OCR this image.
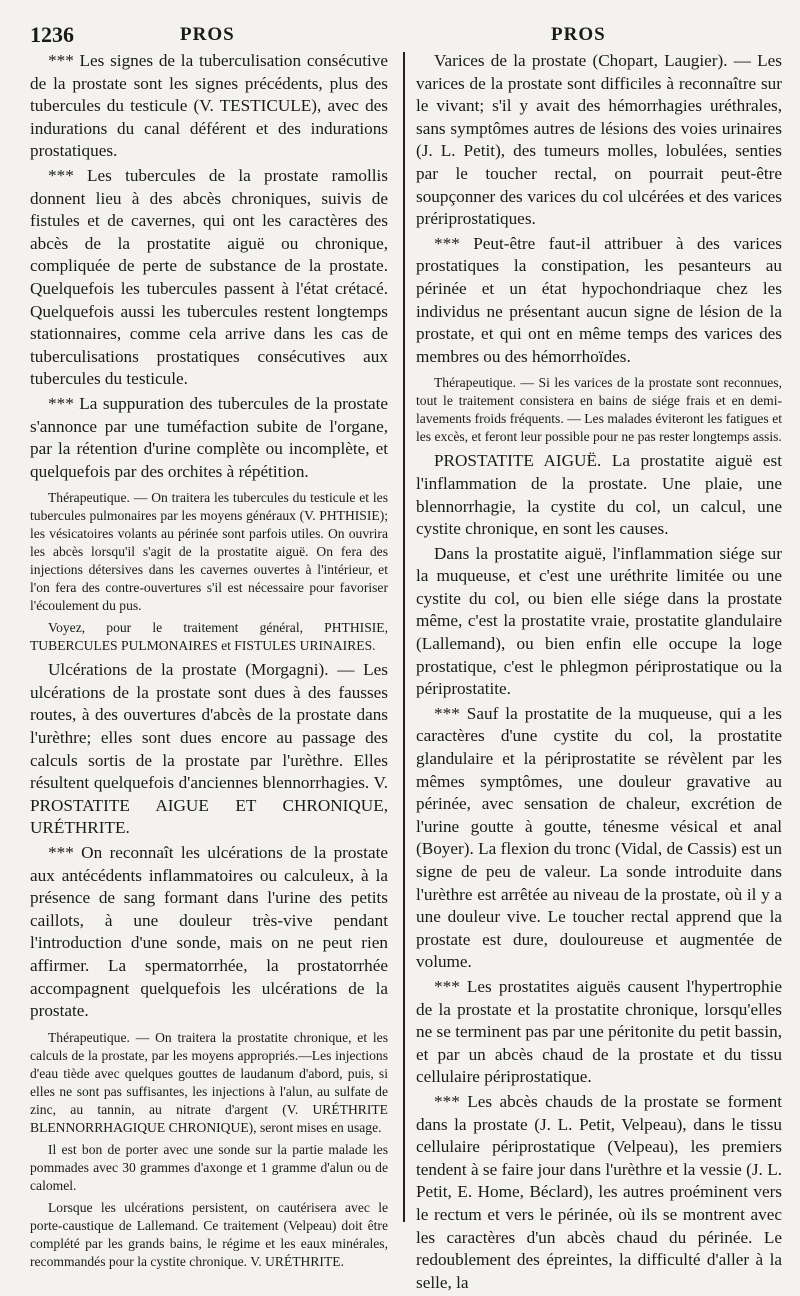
1236	PROS	PROS

*** Les signes de la tuberculisation consécutive de la prostate sont les signes précédents, plus des tubercules du testicule (V. TESTICULE), avec des indurations du canal déférent et des indurations prostatiques.

*** Les tubercules de la prostate ramollis donnent lieu à des abcès chroniques, suivis de fistules et de cavernes, qui ont les caractères des abcès de la prostatite aiguë ou chronique, compliquée de perte de substance de la prostate. Quelquefois les tubercules passent à l'état crétacé. Quelquefois aussi les tubercules restent longtemps stationnaires, comme cela arrive dans les cas de tuberculisations prostatiques consécutives aux tubercules du testicule.

*** La suppuration des tubercules de la prostate s'annonce par une tuméfaction subite de l'organe, par la rétention d'urine complète ou incomplète, et quelquefois par des orchites à répétition.

Thérapeutique. — On traitera les tubercules du testicule et les tubercules pulmonaires par les moyens généraux (V. PHTHISIE); les vésicatoires volants au périnée sont parfois utiles. On ouvrira les abcès lorsqu'il s'agit de la prostatite aiguë. On fera des injections détersives dans les cavernes ouvertes à l'intérieur, et l'on fera des contre-ouvertures s'il est nécessaire pour favoriser l'écoulement du pus.

Voyez, pour le traitement général, PHTHISIE, TUBERCULES PULMONAIRES et FISTULES URINAIRES.

Ulcérations de la prostate (Morgagni). — Les ulcérations de la prostate sont dues à des fausses routes, à des ouvertures d'abcès de la prostate dans l'urèthre; elles sont dues encore au passage des calculs sortis de la prostate par l'urèthre. Elles résultent quelquefois d'anciennes blennorrhagies. V. PROSTATITE AIGUE ET CHRONIQUE, URÉTHRITE.

*** On reconnaît les ulcérations de la prostate aux antécédents inflammatoires ou calculeux, à la présence de sang formant dans l'urine des petits caillots, à une douleur très-vive pendant l'introduction d'une sonde, mais on ne peut rien affirmer. La spermatorrhée, la prostatorrhée accompagnent quelquefois les ulcérations de la prostate.

Thérapeutique. — On traitera la prostatite chronique, et les calculs de la prostate, par les moyens appropriés.—Les injections d'eau tiède avec quelques gouttes de laudanum d'abord, puis, si elles ne sont pas suffisantes, les injections à l'alun, au sulfate de zinc, au tannin, au nitrate d'argent (V. URÉTHRITE BLENNORRHAGIQUE CHRONIQUE), seront mises en usage.

Il est bon de porter avec une sonde sur la partie malade les pommades avec 30 grammes d'axonge et 1 gramme d'alun ou de calomel.

Lorsque les ulcérations persistent, on cautérisera avec le porte-caustique de Lallemand. Ce traitement (Velpeau) doit être complété par les grands bains, le régime et les eaux minérales, recommandés pour la cystite chronique. V. URÉTHRITE.

Varices de la prostate (Chopart, Laugier). — Les varices de la prostate sont difficiles à reconnaître sur le vivant; s'il y avait des hémorrhagies uréthrales, sans symptômes autres de lésions des voies urinaires (J. L. Petit), des tumeurs molles, lobulées, senties par le toucher rectal, on pourrait peut-être soupçonner des varices du col ulcérées et des varices prériprostatiques.

*** Peut-être faut-il attribuer à des varices prostatiques la constipation, les pesanteurs au périnée et un état hypochondriaque chez les individus ne présentant aucun signe de lésion de la prostate, et qui ont en même temps des varices des membres ou des hémorrhoïdes.

Thérapeutique. — Si les varices de la prostate sont reconnues, tout le traitement consistera en bains de siége frais et en demi-lavements froids fréquents. — Les malades éviteront les fatigues et les excès, et feront leur possible pour ne pas rester longtemps assis.

PROSTATITE AIGUË. La prostatite aiguë est l'inflammation de la prostate. Une plaie, une blennorrhagie, la cystite du col, un calcul, une cystite chronique, en sont les causes.

Dans la prostatite aiguë, l'inflammation siége sur la muqueuse, et c'est une uréthrite limitée ou une cystite du col, ou bien elle siége dans la prostate même, c'est la prostatite vraie, prostatite glandulaire (Lallemand), ou bien enfin elle occupe la loge prostatique, c'est le phlegmon périprostatique ou la périprostatite.

*** Sauf la prostatite de la muqueuse, qui a les caractères d'une cystite du col, la prostatite glandulaire et la périprostatite se révèlent par les mêmes symptômes, une douleur gravative au périnée, avec sensation de chaleur, excrétion de l'urine goutte à goutte, ténesme vésical et anal (Boyer). La flexion du tronc (Vidal, de Cassis) est un signe de peu de valeur. La sonde introduite dans l'urèthre est arrêtée au niveau de la prostate, où il y a une douleur vive. Le toucher rectal apprend que la prostate est dure, douloureuse et augmentée de volume.

*** Les prostatites aiguës causent l'hypertrophie de la prostate et la prostatite chronique, lorsqu'elles ne se terminent pas par une péritonite du petit bassin, et par un abcès chaud de la prostate et du tissu cellulaire périprostatique.

*** Les abcès chauds de la prostate se forment dans la prostate (J. L. Petit, Velpeau), dans le tissu cellulaire périprostatique (Velpeau), les premiers tendent à se faire jour dans l'urèthre et la vessie (J. L. Petit, E. Home, Béclard), les autres proéminent vers le rectum et vers le périnée, où ils se montrent avec les caractères d'un abcès chaud du périnée. Le redoublement des épreintes, la difficulté d'aller à la selle, la
